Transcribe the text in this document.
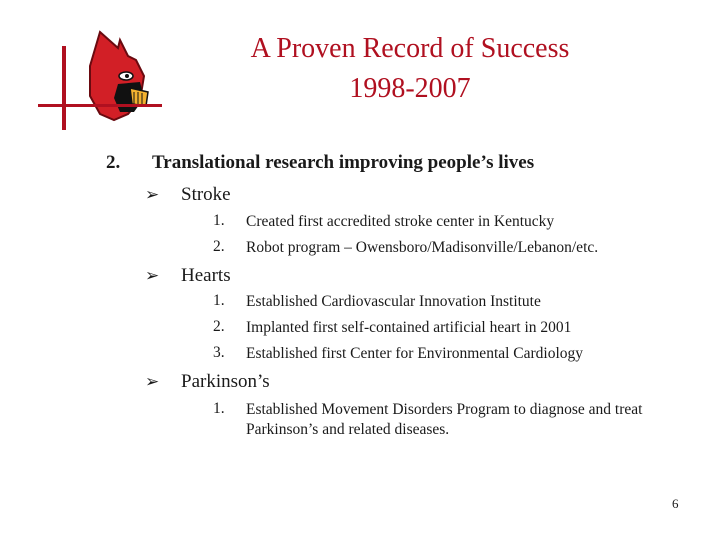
A Proven Record of Success
1998-2007
2. Translational research improving people’s lives
➢ Stroke
1. Created first accredited stroke center in Kentucky
2. Robot program – Owensboro/Madisonville/Lebanon/etc.
➢ Hearts
1. Established Cardiovascular Innovation Institute
2. Implanted first self-contained artificial heart in 2001
3. Established first Center for Environmental Cardiology
➢ Parkinson’s
1. Established Movement Disorders Program to diagnose and treat Parkinson’s and related diseases.
6
